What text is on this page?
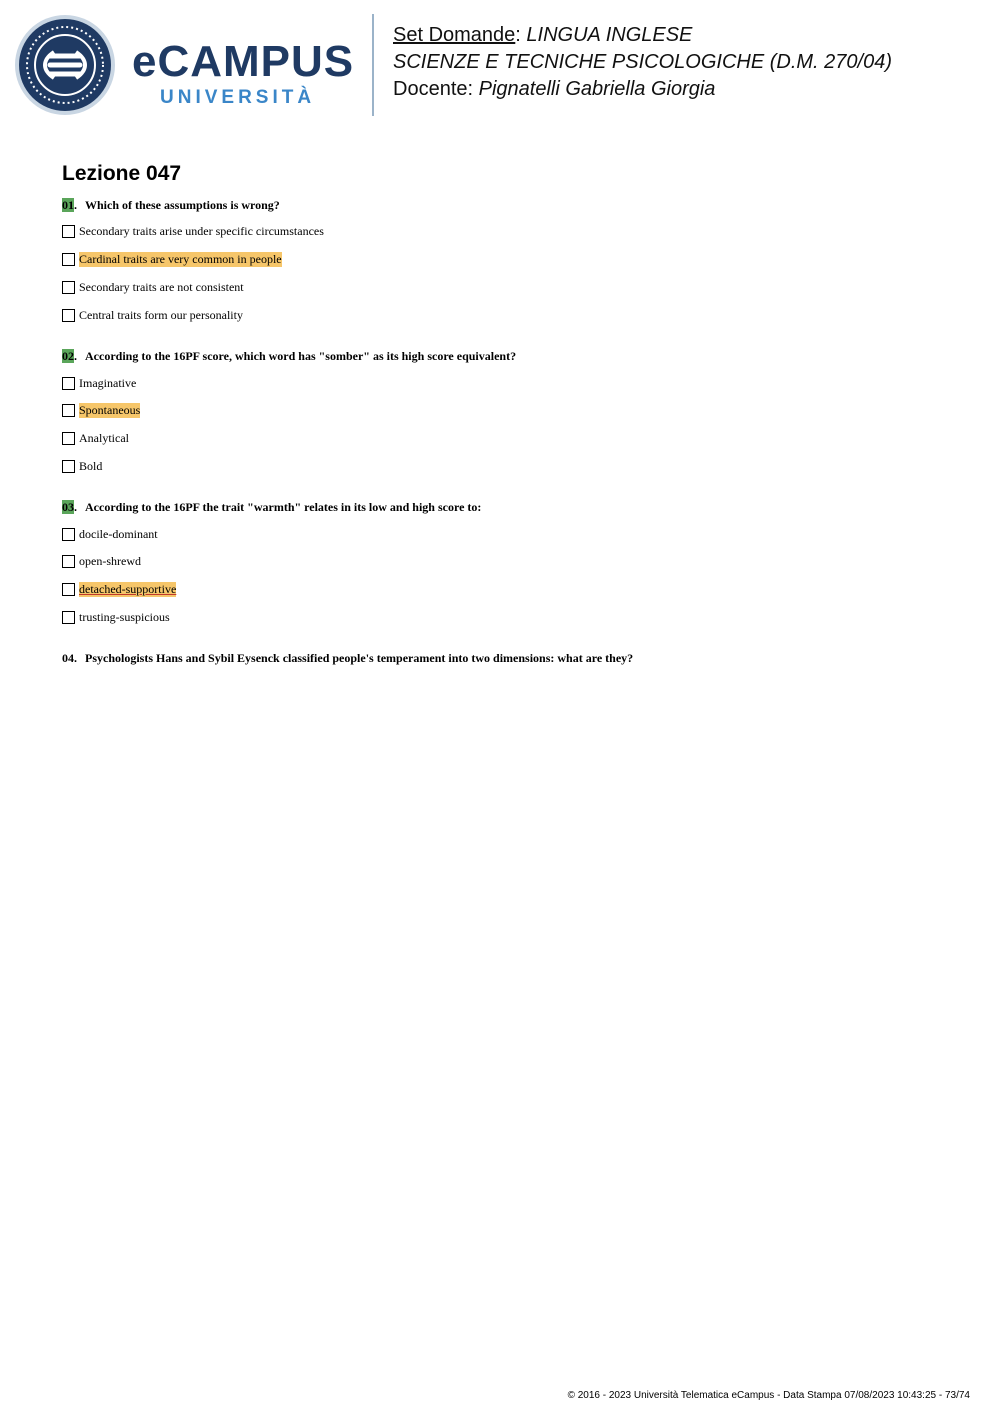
eCAMPUS
UNIVERSITÀ
Set Domande: LINGUA INGLESE
SCIENZE E TECNICHE PSICOLOGICHE (D.M. 270/04)
Docente: Pignatelli Gabriella Giorgia
Lezione 047
01. Which of these assumptions is wrong?
Secondary traits arise under specific circumstances
Cardinal traits are very common in people
Secondary traits are not consistent
Central traits form our personality
02. According to the 16PF score, which word has "somber" as its high score equivalent?
Imaginative
Spontaneous
Analytical
Bold
03. According to the 16PF the trait "warmth" relates in its low and high score to:
docile-dominant
open-shrewd
detached-supportive
trusting-suspicious
04. Psychologists Hans and Sybil Eysenck classified people's temperament into two dimensions: what are they?
© 2016 - 2023 Università Telematica eCampus - Data Stampa 07/08/2023 10:43:25 - 73/74
